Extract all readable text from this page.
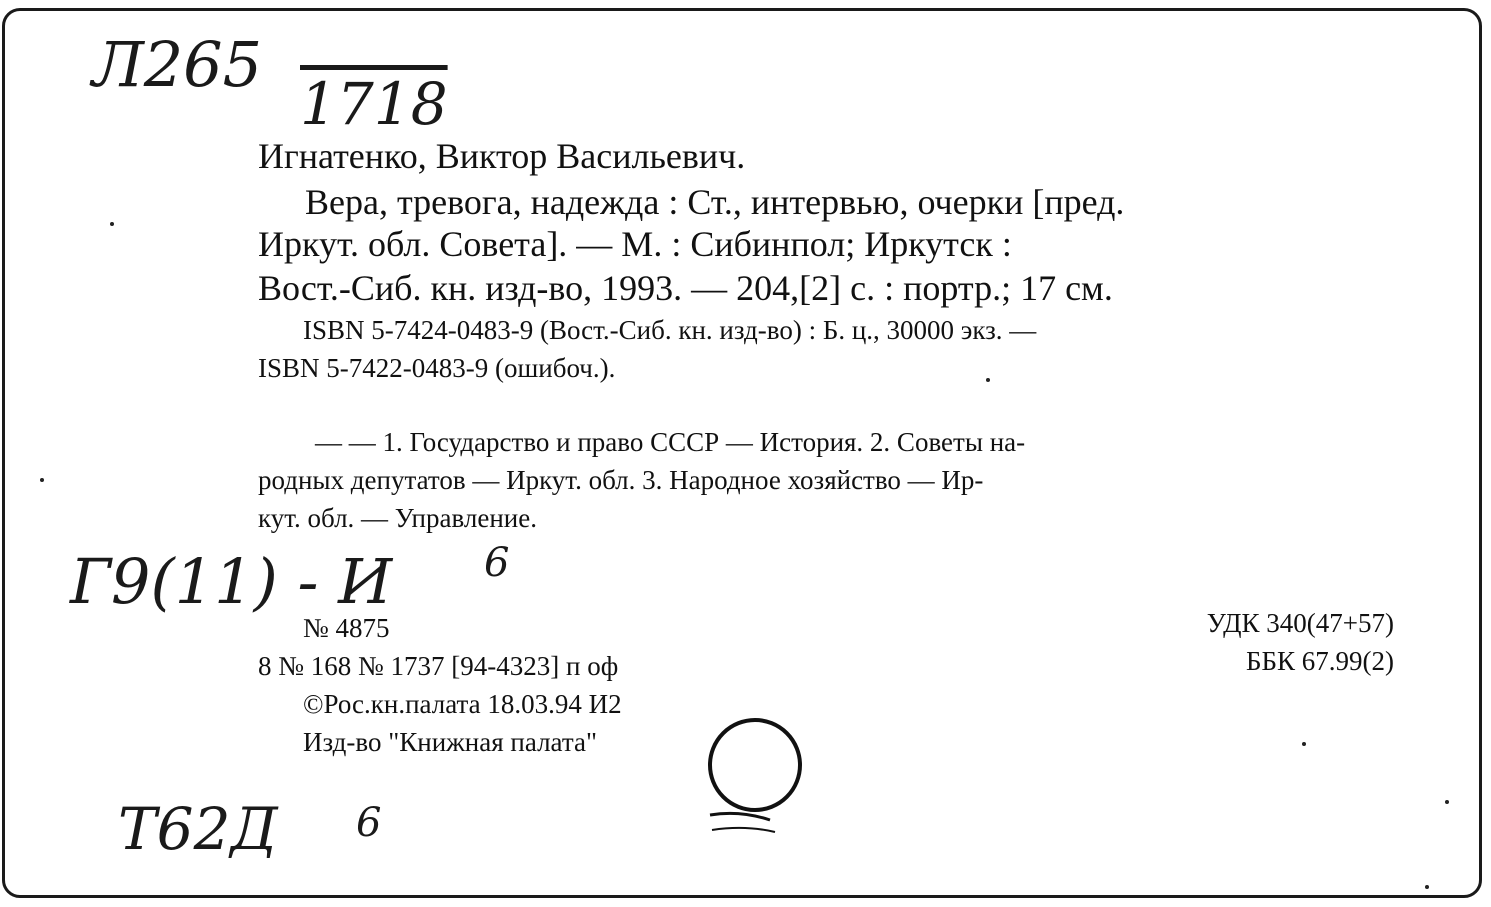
Л265
1718
Игнатенко, Виктор Васильевич.
Вера, тревога, надежда : Ст., интервью, очерки [пред.
Иркут. обл. Совета]. — М. : Сибинпол; Иркутск :
Вост.-Сиб. кн. изд-во, 1993. — 204,[2] с. : портр.; 17 см.
ISBN 5-7424-0483-9 (Вост.-Сиб. кн. изд-во) : Б. ц., 30000 экз. —
ISBN 5-7422-0483-9 (ошибоч.).
— — 1. Государство и право СССР — История. 2. Советы на-
родных депутатов — Иркут. обл. 3. Народное хозяйство — Ир-
кут. обл. — Управление.
Г9(11) - И 6
№ 4875
8 № 168 № 1737 [94-4323] п оф
©Рос.кн.палата 18.03.94 И2
Изд-во "Книжная палата"
УДК 340(47+57)
ББК 67.99(2)
Т62Д 6
